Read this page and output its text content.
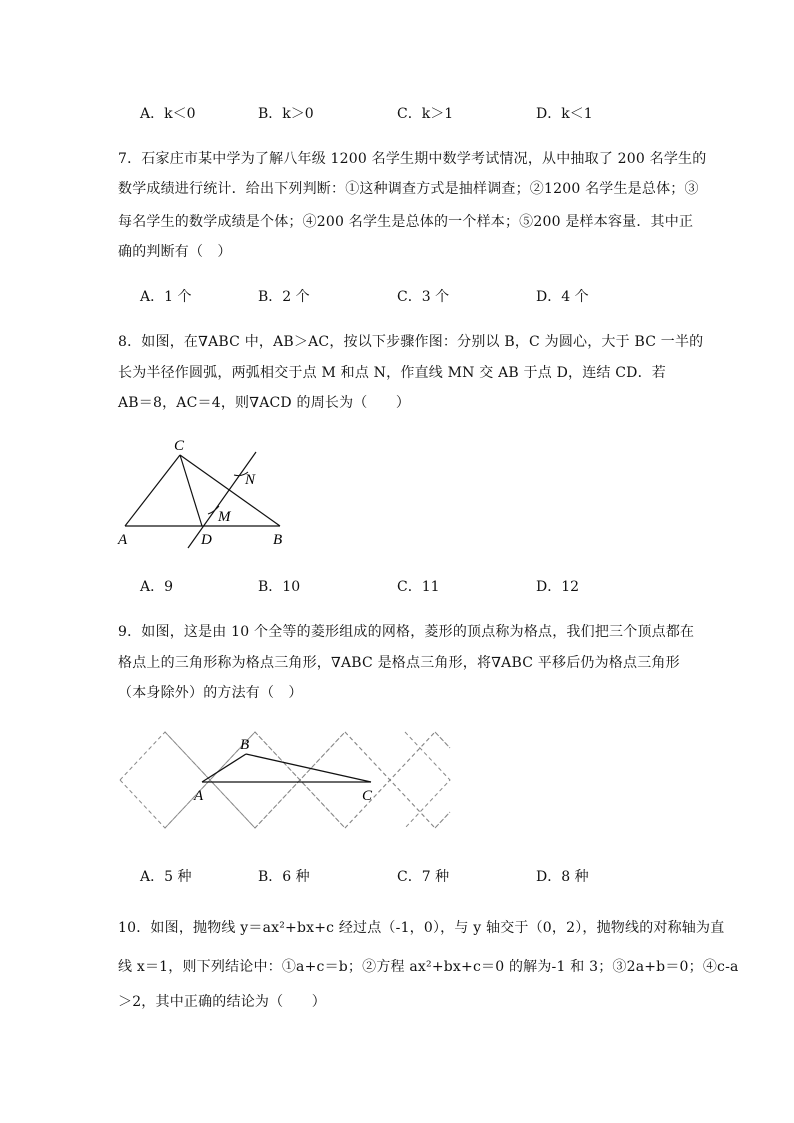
A．k＜0	B．k＞0	C．k＞1	D．k＜1
7．石家庄市某中学为了解八年级 1200 名学生期中数学考试情况，从中抽取了 200 名学生的
数学成绩进行统计．给出下列判断：①这种调查方式是抽样调查；②1200 名学生是总体；③
每名学生的数学成绩是个体；④200 名学生是总体的一个样本；⑤200 是样本容量．其中正
确的判断有（　）
A．1 个	B．2 个	C．3 个	D．4 个
8．如图，在∇ABC 中，AB＞AC，按以下步骤作图：分别以 B，C 为圆心，大于 BC 一半的
长为半径作圆弧，两弧相交于点 M 和点 N，作直线 MN 交 AB 于点 D，连结 CD．若
AB＝8，AC＝4，则∇ACD 的周长为（　　）
C
N
M
A	D	B
A．9	B．10	C．11	D．12
9．如图，这是由 10 个全等的菱形组成的网格，菱形的顶点称为格点，我们把三个顶点都在
格点上的三角形称为格点三角形，∇ABC 是格点三角形，将∇ABC 平移后仍为格点三角形
（本身除外）的方法有（　）
B
A	C
A．5 种	B．6 种	C．7 种	D．8 种
10．如图，抛物线 y＝ax²+bx+c 经过点（-1，0），与 y 轴交于（0，2），抛物线的对称轴为直
线 x＝1，则下列结论中：①a+c＝b；②方程 ax²+bx+c＝0 的解为-1 和 3；③2a+b＝0；④c-a
＞2，其中正确的结论为（　　）
